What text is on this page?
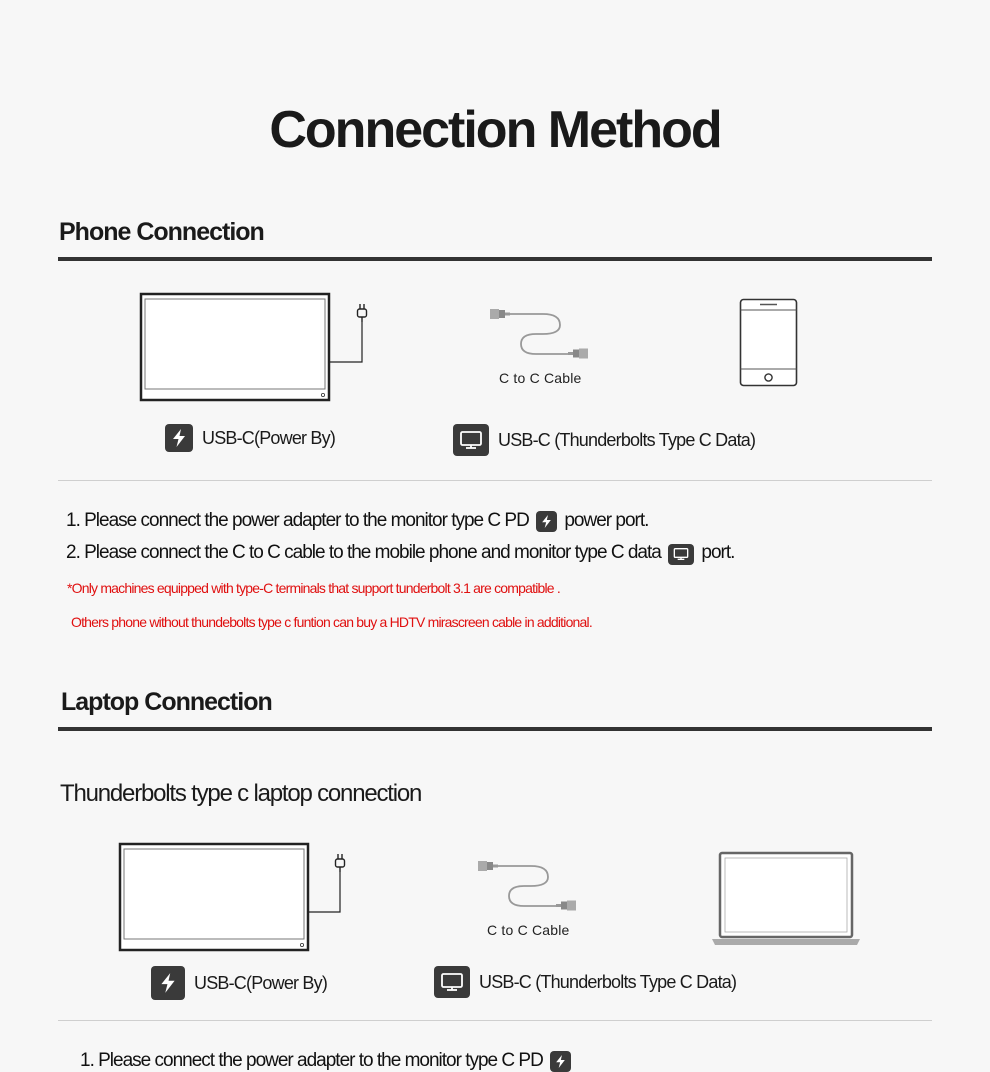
Connection Method
Phone Connection
C to C Cable
USB-C(Power By)	USB-C (Thunderbolts Type C Data)
1. Please connect the power adapter to the monitor type C PD power port.
2. Please connect the C to C cable to the mobile phone and monitor type C data port.
*Only machines equipped with type-C terminals that support tunderbolt 3.1 are compatible .
Others phone without thundebolts type c funtion can buy a HDTV mirascreen cable in additional.
Laptop Connection
Thunderbolts type c laptop connection
C to C Cable
USB-C(Power By)	USB-C (Thunderbolts Type C Data)
1. Please connect the power adapter to the monitor type C PD
